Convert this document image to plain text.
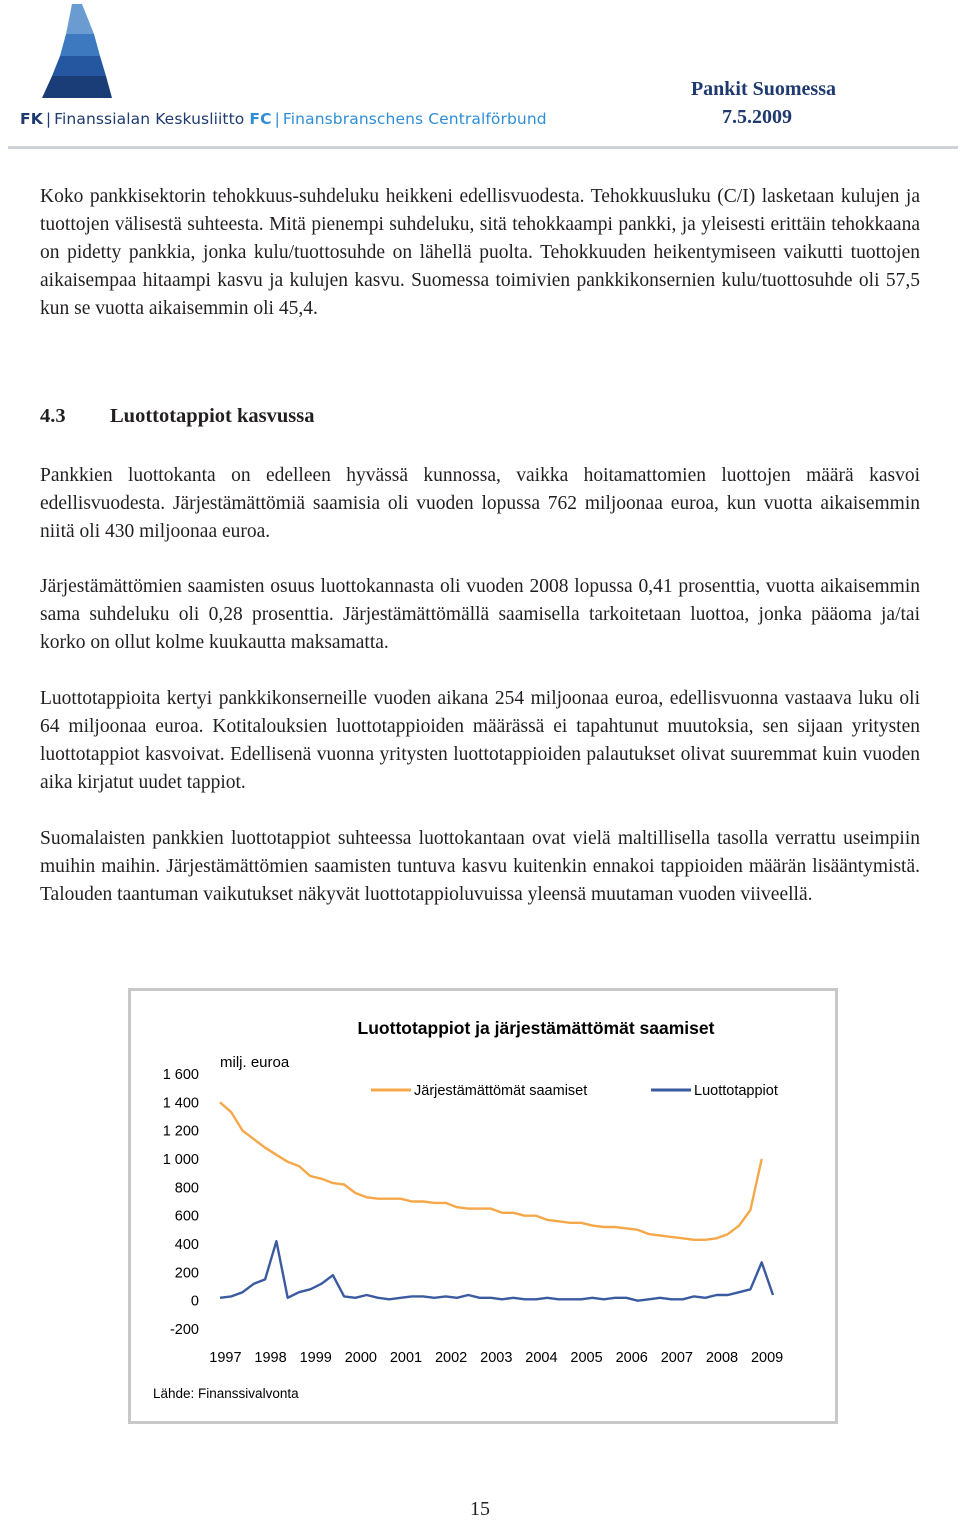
FK | Finanssialan Keskusliitto FC | Finansbranschens Centralförbund
Pankit Suomessa
7.5.2009

Koko pankkisektorin tehokkuus-suhdeluku heikkeni edellisvuodesta. Tehokkuusluku (C/I) lasketaan kulujen ja tuottojen välisestä suhteesta. Mitä pienempi suhdeluku, sitä tehokkaampi pankki, ja yleisesti erittäin tehokkaana on pidetty pankkia, jonka kulu/tuottosuhde on lähellä puolta. Tehokkuuden heikentymiseen vaikutti tuottojen aikaisempaa hitaampi kasvu ja kulujen kasvu. Suomessa toimivien pankkikonsernien kulu/tuottosuhde oli 57,5 kun se vuotta aikaisemmin oli 45,4.

4.3 Luottotappiot kasvussa

Pankkien luottokanta on edelleen hyvässä kunnossa, vaikka hoitamattomien luottojen määrä kasvoi edellisvuodesta. Järjestämättömiä saamisia oli vuoden lopussa 762 miljoonaa euroa, kun vuotta aikaisemmin niitä oli 430 miljoonaa euroa.

Järjestämättömien saamisten osuus luottokannasta oli vuoden 2008 lopussa 0,41 prosenttia, vuotta aikaisemmin sama suhdeluku oli 0,28 prosenttia. Järjestämättömällä saamisella tarkoitetaan luottoa, jonka pääoma ja/tai korko on ollut kolme kuukautta maksamatta.

Luottotappioita kertyi pankkikonserneille vuoden aikana 254 miljoonaa euroa, edellisvuonna vastaava luku oli 64 miljoonaa euroa. Kotitalouksien luottotappioiden määrässä ei tapahtunut muutoksia, sen sijaan yritysten luottotappiot kasvoivat. Edellisenä vuonna yritysten luottotappioiden palautukset olivat suuremmat kuin vuoden aika kirjatut uudet tappiot.

Suomalaisten pankkien luottotappiot suhteessa luottokantaan ovat vielä maltillisella tasolla verrattu useimpiin muihin maihin. Järjestämättömien saamisten tuntuva kasvu kuitenkin ennakoi tappioiden määrän lisääntymistä. Talouden taantuman vaikutukset näkyvät luottotappioluvuissa yleensä muutaman vuoden viiveellä.

Luottotappiot ja järjestämättömät saamiset
milj. euroa
-200
0
200
400
600
800
1 000
1 200
1 400
1 600
1997 1998 1999 2000 2001 2002 2003 2004 2005 2006 2007 2008 2009
Järjestämättömät saamiset	Luottotappiot
Lähde: Finanssivalvonta
15
